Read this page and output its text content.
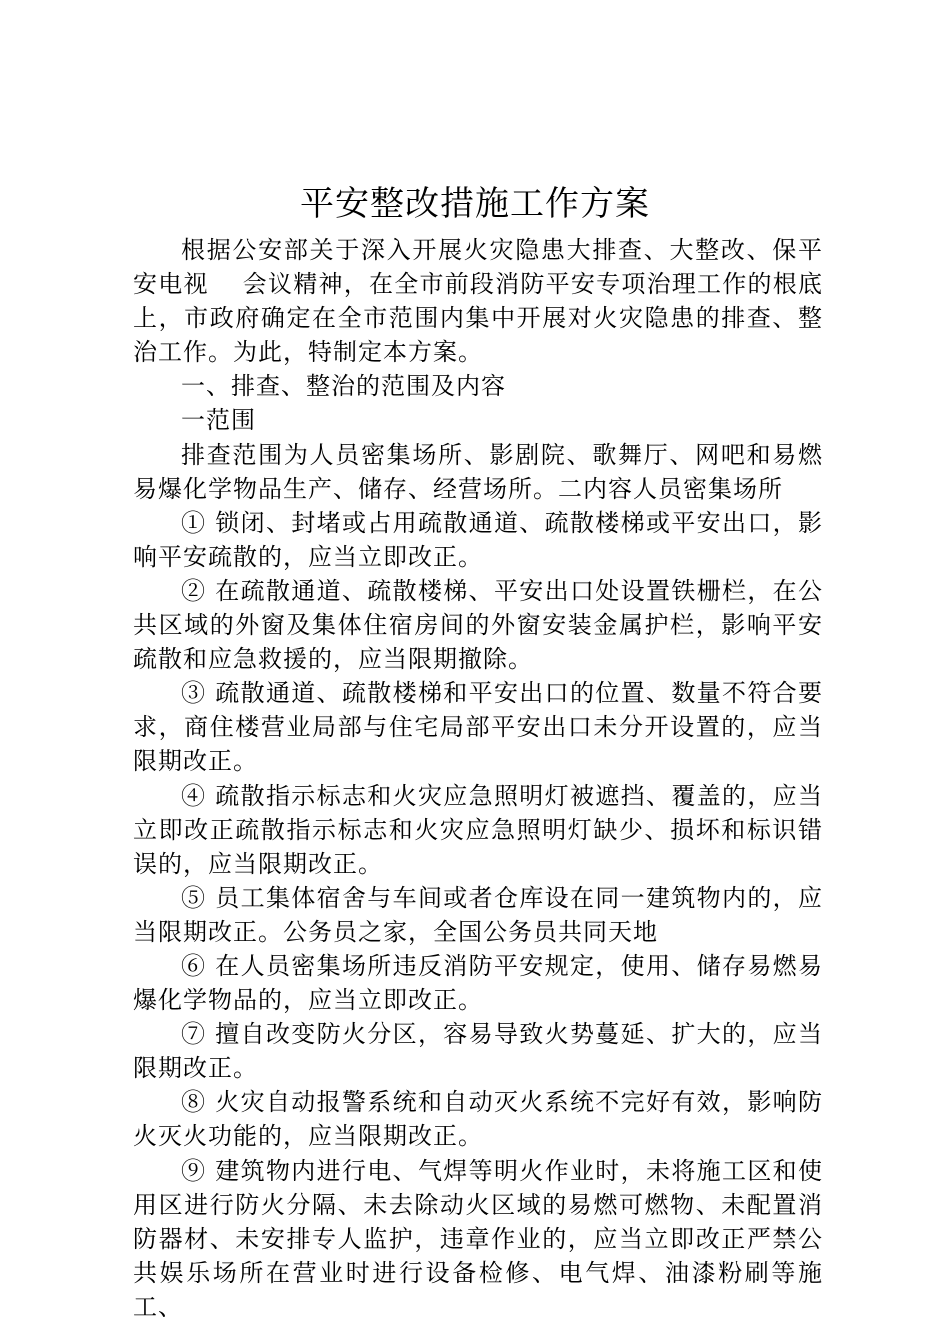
平安整改措施工作方案

根据公安部关于深入开展火灾隐患大排查、大整改、保平安电视　 会议精神，在全市前段消防平安专项治理工作的根底上，市政府确定在全市范围内集中开展对火灾隐患的排查、整治工作。为此，特制定本方案。

一、排查、整治的范围及内容

一范围

排查范围为人员密集场所、影剧院、歌舞厅、网吧和易燃易爆化学物品生产、储存、经营场所。二内容人员密集场所

① 锁闭、封堵或占用疏散通道、疏散楼梯或平安出口，影响平安疏散的，应当立即改正。

② 在疏散通道、疏散楼梯、平安出口处设置铁栅栏，在公共区域的外窗及集体住宿房间的外窗安装金属护栏，影响平安疏散和应急救援的，应当限期撤除。

③ 疏散通道、疏散楼梯和平安出口的位置、数量不符合要求，商住楼营业局部与住宅局部平安出口未分开设置的，应当限期改正。

④ 疏散指示标志和火灾应急照明灯被遮挡、覆盖的，应当立即改正疏散指示标志和火灾应急照明灯缺少、损坏和标识错误的，应当限期改正。

⑤ 员工集体宿舍与车间或者仓库设在同一建筑物内的，应当限期改正。公务员之家，全国公务员共同天地

⑥ 在人员密集场所违反消防平安规定，使用、储存易燃易爆化学物品的，应当立即改正。

⑦ 擅自改变防火分区，容易导致火势蔓延、扩大的，应当限期改正。

⑧ 火灾自动报警系统和自动灭火系统不完好有效，影响防火灭火功能的，应当限期改正。

⑨ 建筑物内进行电、气焊等明火作业时，未将施工区和使用区进行防火分隔、未去除动火区域的易燃可燃物、未配置消防器材、未安排专人监护，违章作业的，应当立即改正严禁公共娱乐场所在营业时进行设备检修、电气焊、油漆粉刷等施工、
